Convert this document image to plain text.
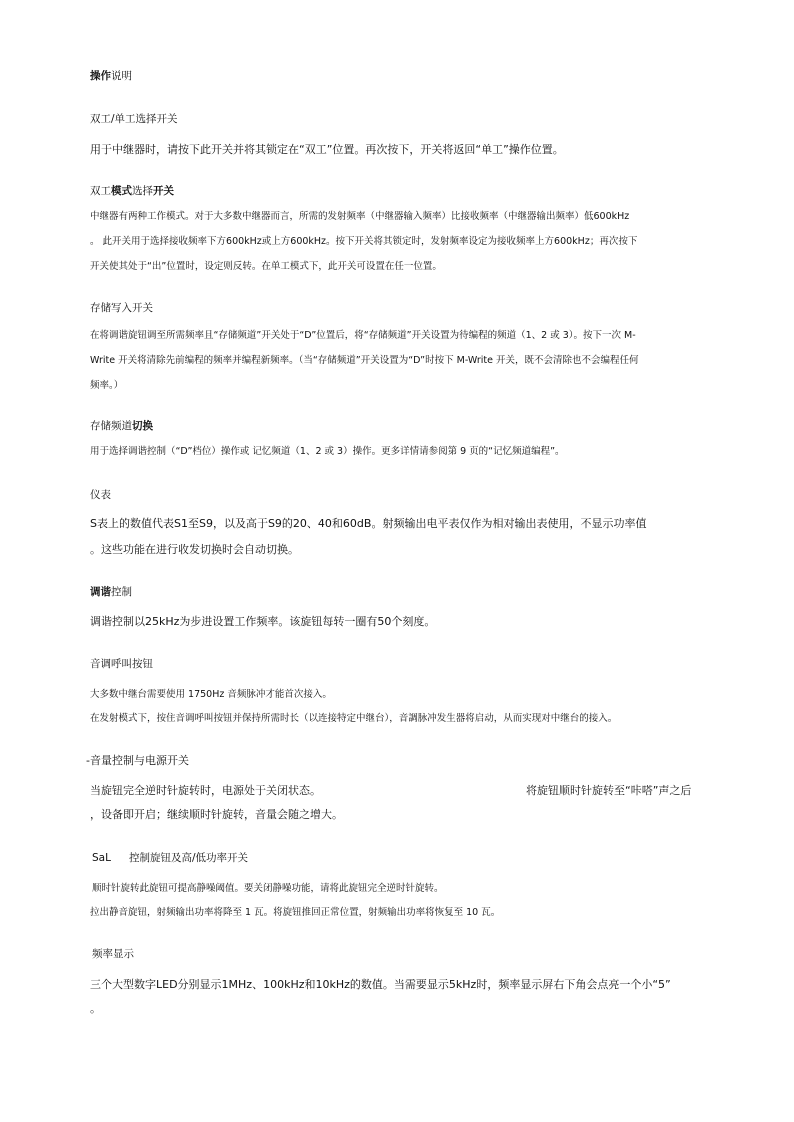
操作说明

双工/单工选择开关

用于中继器时，请按下此开关并将其锁定在“双工”位置。再次按下，开关将返回“单工”操作位置。

双工模式选择开关

中继器有两种工作模式。对于大多数中继器而言，所需的发射频率（中继器输入频率）比接收频率（中继器输出频率）低600kHz

。 此开关用于选择接收频率下方600kHz或上方600kHz。按下开关将其锁定时，发射频率设定为接收频率上方600kHz；再次按下

开关使其处于“出”位置时，设定则反转。在单工模式下，此开关可设置在任一位置。

存储写入开关

在将调谐旋钮调至所需频率且“存储频道”开关处于“D”位置后，将“存储频道”开关设置为待编程的频道（1、2 或 3）。按下一次 M-

Write 开关将清除先前编程的频率并编程新频率。（当“存储频道”开关设置为“D”时按下 M-Write 开关，既不会清除也不会编程任何

频率。）

存储频道切换

用于选择调谐控制（“D”档位）操作或 记忆频道（1、2 或 3）操作。更多详情请参阅第 9 页的“记忆频道编程”。

仪表

S表上的数值代表S1至S9，以及高于S9的20、40和60dB。射频输出电平表仅作为相对输出表使用，不显示功率值

。这些功能在进行收发切换时会自动切换。

调谐控制

调谐控制以25kHz为步进设置工作频率。该旋钮每转一圈有50个刻度。

音调呼叫按钮

大多数中继台需要使用 1750Hz 音频脉冲才能首次接入。

在发射模式下，按住音调呼叫按钮并保持所需时长（以连接特定中继台），音調脉冲发生器将启动，从而实现对中继台的接入。

-音量控制与电源开关

当旋钮完全逆时针旋转时，电源处于关闭状态。	将旋钮顺时针旋转至“咔嗒”声之后

，设备即开启；继续顺时针旋转，音量会随之增大。

SaL 控制旋钮及高/低功率开关

顺时针旋转此旋钮可提高静噪阈值。要关闭静噪功能，请将此旋钮完全逆时针旋转。

拉出静音旋钮，射频输出功率将降至 1 瓦。将旋钮推回正常位置，射频输出功率将恢复至 10 瓦。

频率显示

三个大型数字LED分别显示1MHz、100kHz和10kHz的数值。当需要显示5kHz时，频率显示屏右下角会点亮一个小“5”

。
